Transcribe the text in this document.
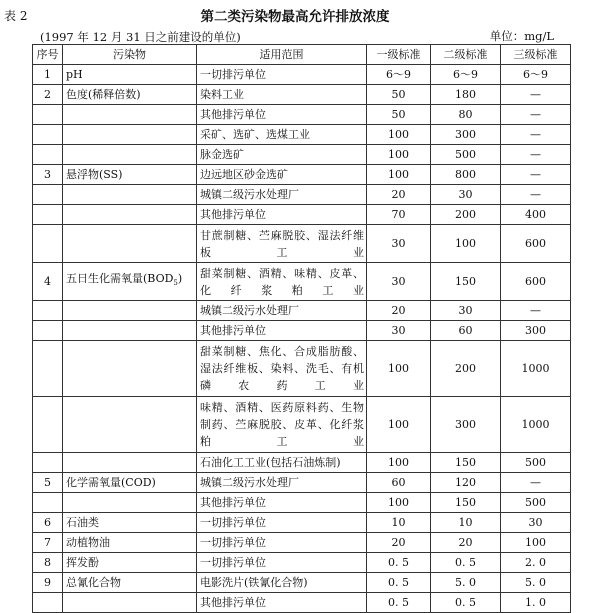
表 2	第二类污染物最高允许排放浓度
(1997 年 12 月 31 日之前建设的单位)	单位：mg/L
序号	污染物	适用范围	一级标准	二级标准	三级标准
1	pH	一切排污单位	6～9	6～9	6～9
2	色度(稀释倍数)	染料工业	50	180	—
		其他排污单位	50	80	—
		采矿、选矿、选煤工业	100	300	—
		脉金选矿	100	500	—
3	悬浮物(SS)	边远地区砂金选矿	100	800	—
		城镇二级污水处理厂	20	30	—
		其他排污单位	70	200	400
		甘蔗制糖、苎麻脱胶、湿法纤维板工业	30	100	600
4	五日生化需氧量$(BOD_5)$	甜菜制糖、酒精、味精、皮革、化纤浆粕工业	30	150	600
		城镇二级污水处理厂	20	30	—
		其他排污单位	30	60	300
		甜菜制糖、焦化、合成脂肪酸、湿法纤维板、染料、洗毛、有机磷农药工业	100	200	1000
		味精、酒精、医药原料药、生物制药、苎麻脱胶、皮革、化纤浆粕工业	100	300	1000
		石油化工工业(包括石油炼制)	100	150	500
5	化学需氧量(COD)	城镇二级污水处理厂	60	120	—
		其他排污单位	100	150	500
6	石油类	一切排污单位	10	10	30
7	动植物油	一切排污单位	20	20	100
8	挥发酚	一切排污单位	0. 5	0. 5	2. 0
9	总氰化合物	电影洗片(铁氰化合物)	0. 5	5. 0	5. 0
		其他排污单位	0. 5	0. 5	1. 0
